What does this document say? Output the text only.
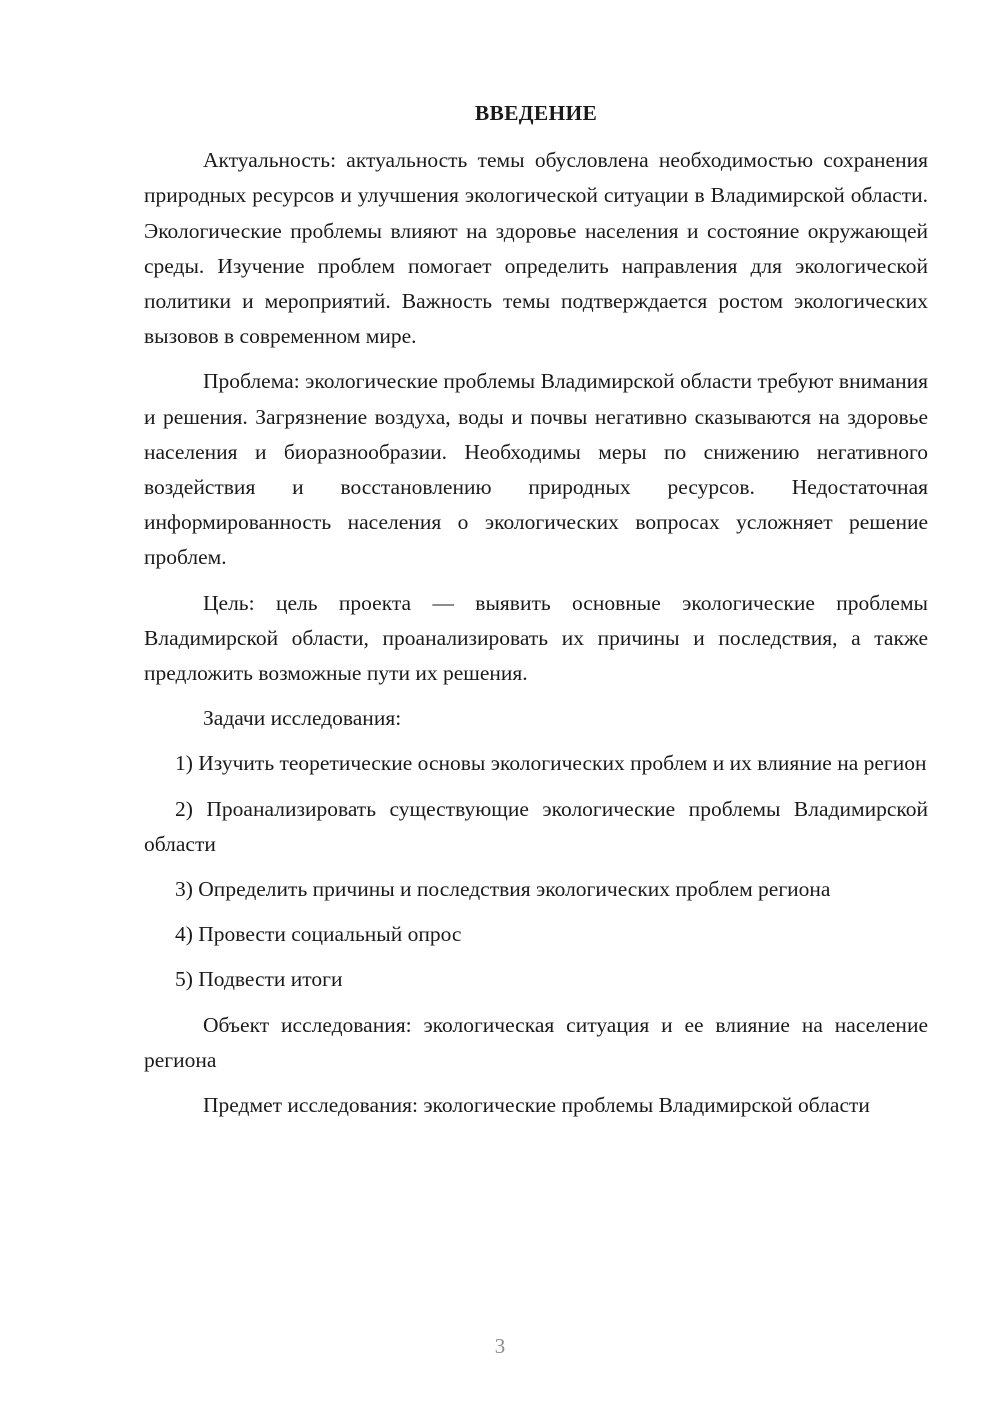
ВВЕДЕНИЕ

Актуальность: актуальность темы обусловлена необходимостью сохранения природных ресурсов и улучшения экологической ситуации в Владимирской области. Экологические проблемы влияют на здоровье населения и состояние окружающей среды. Изучение проблем помогает определить направления для экологической политики и мероприятий. Важность темы подтверждается ростом экологических вызовов в современном мире.

Проблема: экологические проблемы Владимирской области требуют внимания и решения. Загрязнение воздуха, воды и почвы негативно сказываются на здоровье населения и биоразнообразии. Необходимы меры по снижению негативного воздействия и восстановлению природных ресурсов. Недостаточная информированность населения о экологических вопросах усложняет решение проблем.

Цель: цель проекта — выявить основные экологические проблемы Владимирской области, проанализировать их причины и последствия, а также предложить возможные пути их решения.

Задачи исследования:

1) Изучить теоретические основы экологических проблем и их влияние на регион

2) Проанализировать существующие экологические проблемы Владимирской области

3) Определить причины и последствия экологических проблем региона

4) Провести социальный опрос

5) Подвести итоги

Объект исследования: экологическая ситуация и ее влияние на население региона

Предмет исследования: экологические проблемы Владимирской области

3
